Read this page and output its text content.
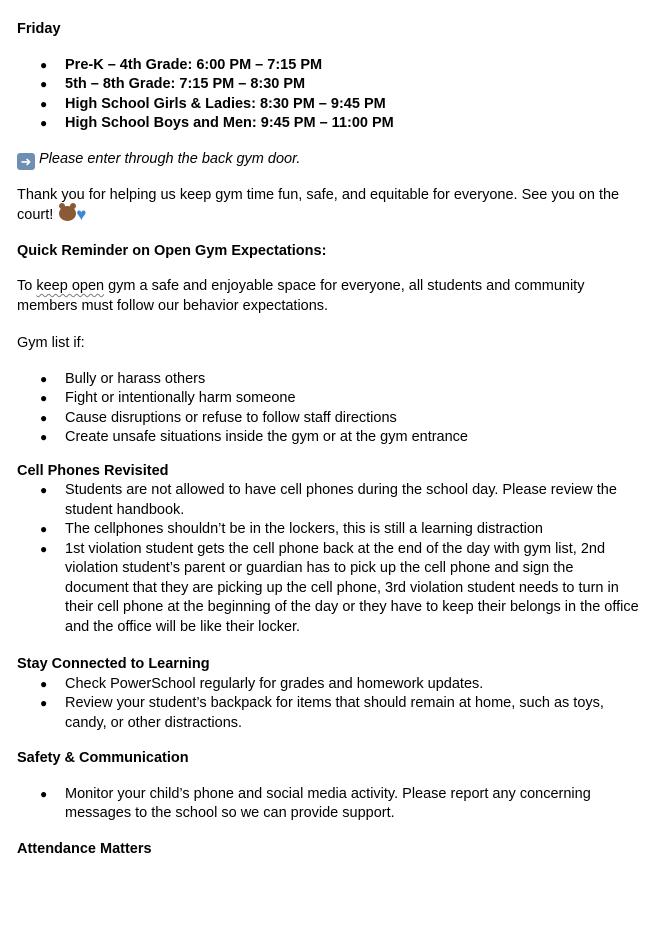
Friday

● Pre-K – 4th Grade: 6:00 PM – 7:15 PM
● 5th – 8th Grade: 7:15 PM – 8:30 PM
● High School Girls & Ladies: 8:30 PM – 9:45 PM
● High School Boys and Men: 9:45 PM – 11:00 PM

➜ Please enter through the back gym door.

Thank you for helping us keep gym time fun, safe, and equitable for everyone. See you on the court! ♥

Quick Reminder on Open Gym Expectations:

To keep open gym a safe and enjoyable space for everyone, all students and community members must follow our behavior expectations.

Gym list if:

● Bully or harass others
● Fight or intentionally harm someone
● Cause disruptions or refuse to follow staff directions
● Create unsafe situations inside the gym or at the gym entrance

Cell Phones Revisited

● Students are not allowed to have cell phones during the school day. Please review the student handbook.
● The cellphones shouldn’t be in the lockers, this is still a learning distraction
● 1st violation student gets the cell phone back at the end of the day with gym list, 2nd violation student’s parent or guardian has to pick up the cell phone and sign the document that they are picking up the cell phone, 3rd violation student needs to turn in their cell phone at the beginning of the day or they have to keep their belongs in the office and the office will be like their locker.

Stay Connected to Learning

● Check PowerSchool regularly for grades and homework updates.
● Review your student’s backpack for items that should remain at home, such as toys, candy, or other distractions.

Safety & Communication

● Monitor your child’s phone and social media activity. Please report any concerning messages to the school so we can provide support.

Attendance Matters
